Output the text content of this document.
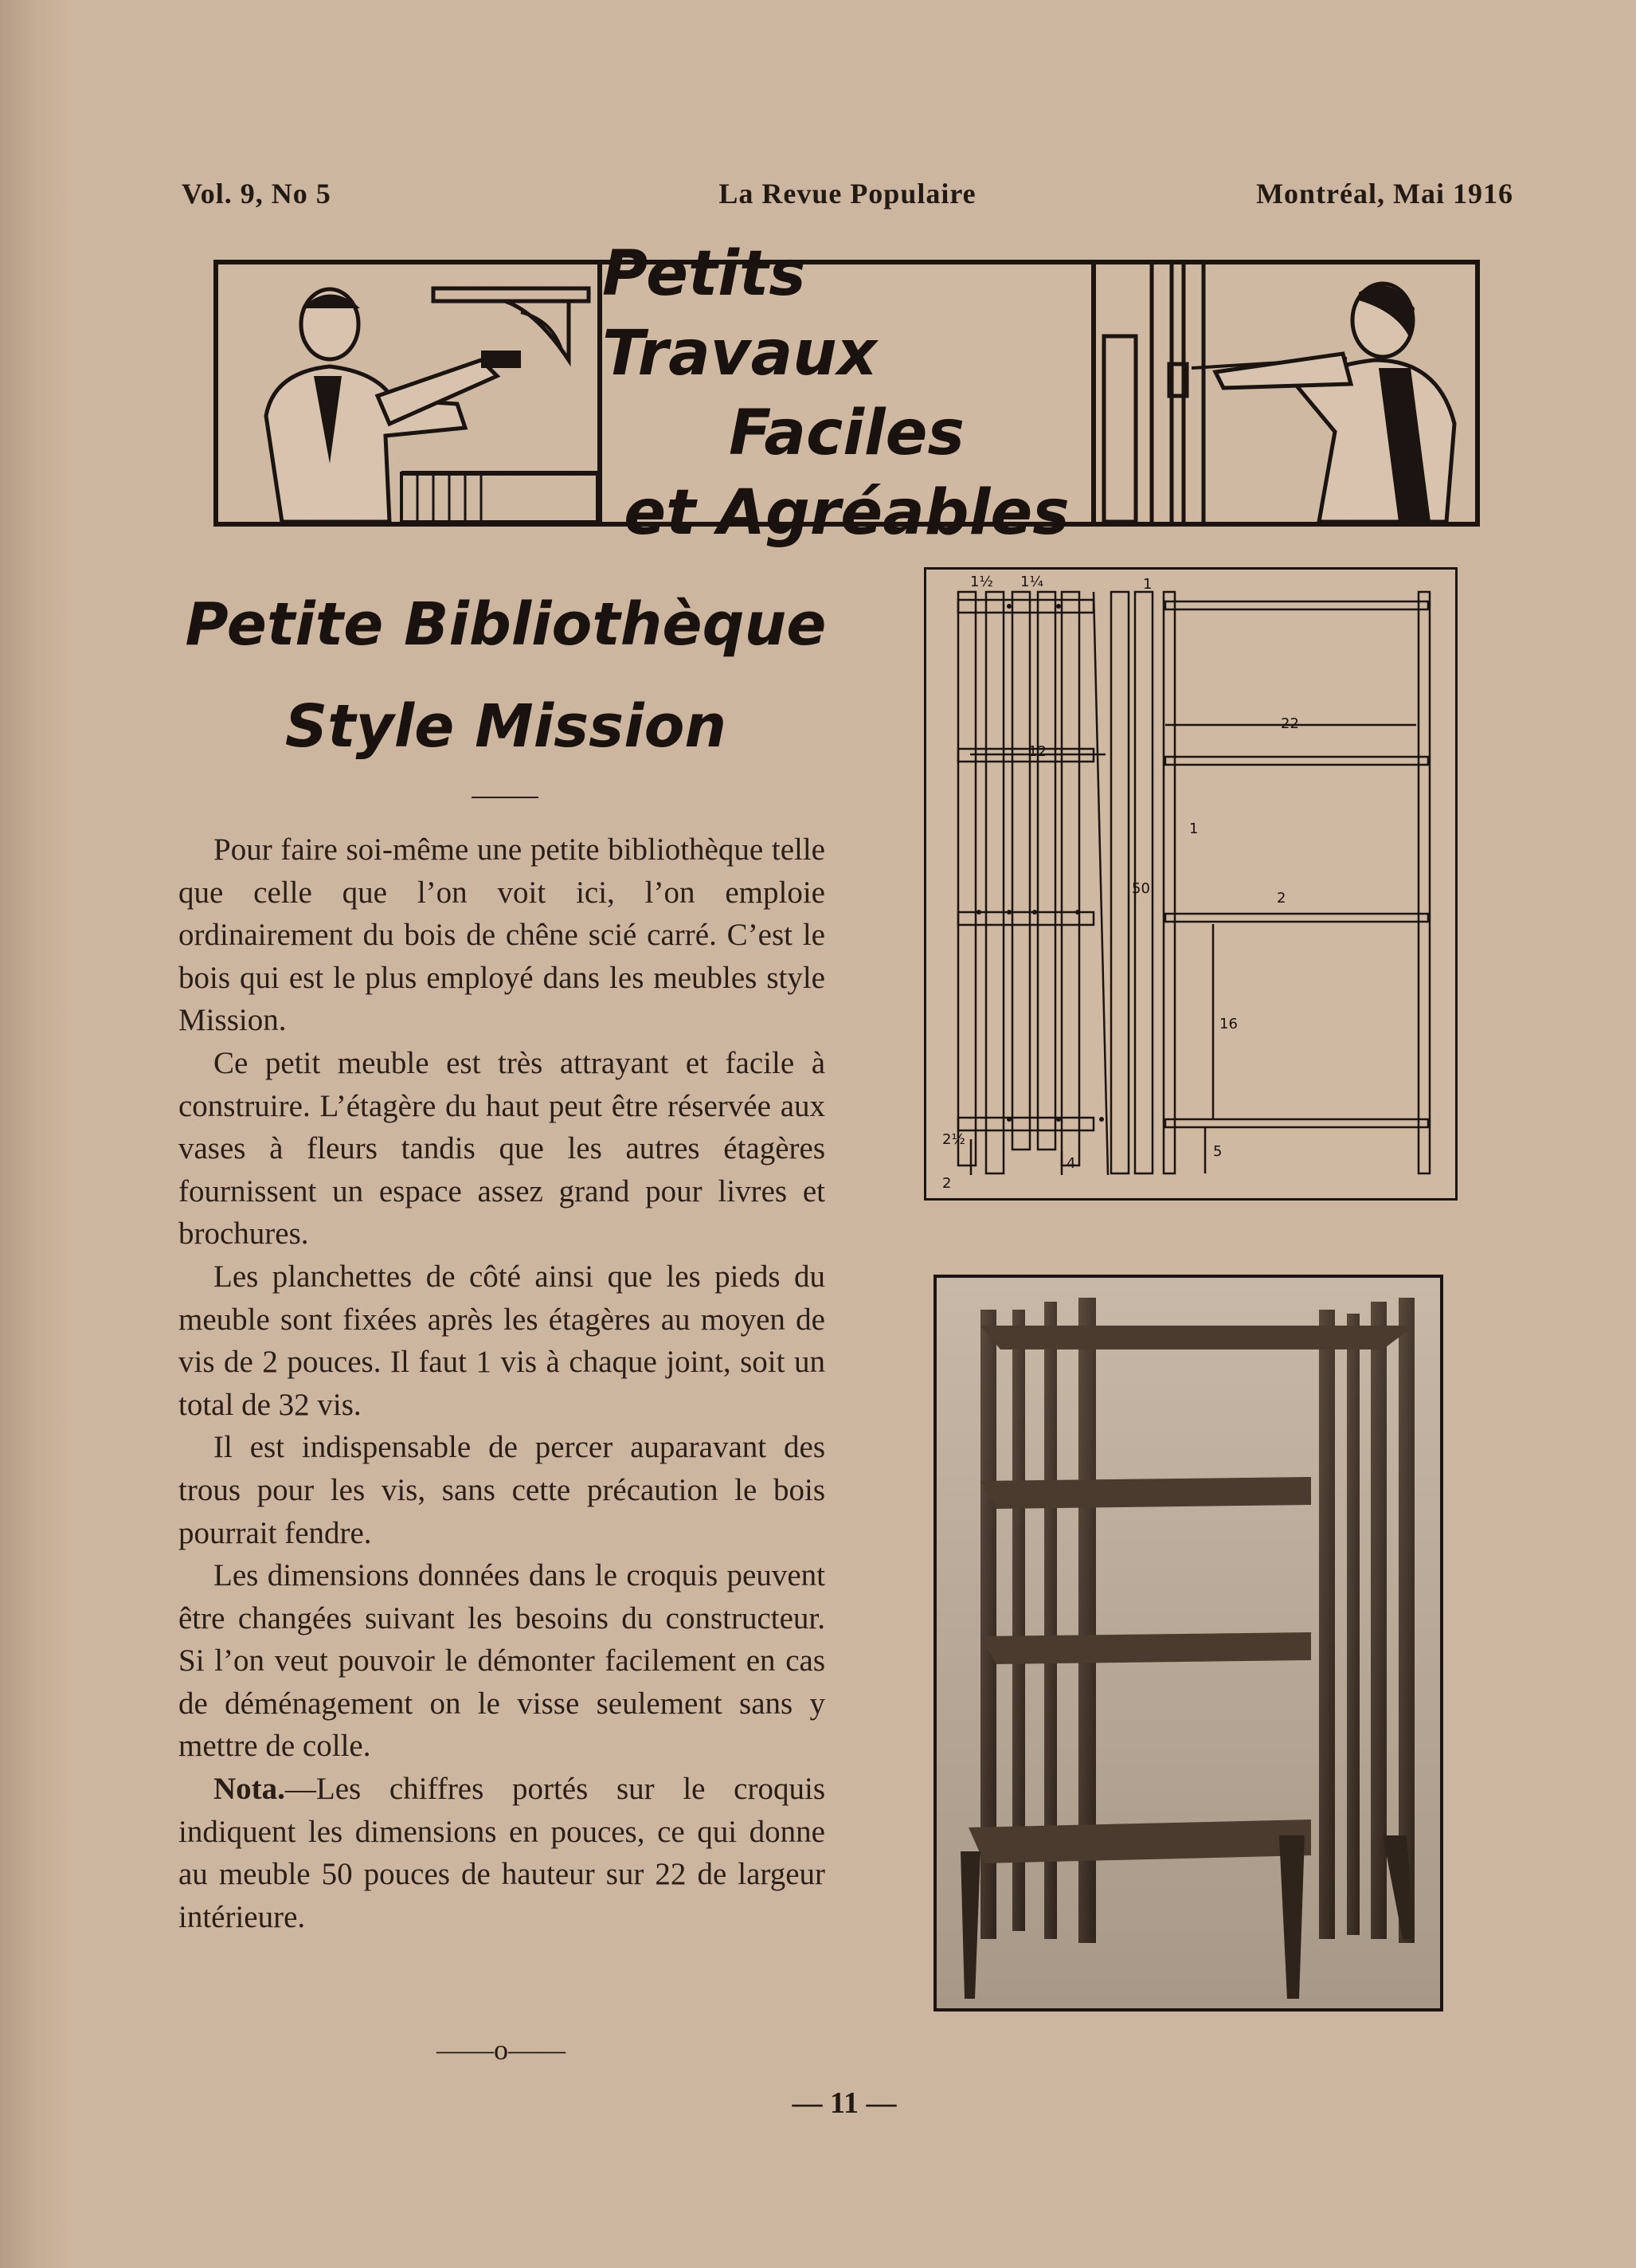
Vol. 9, No 5	La Revue Populaire	Montréal, Mai 1916
Petits Travaux
Faciles
et Agréables
Petite Bibliothèque
Style Mission

Pour faire soi-même une petite bibliothèque telle que celle que l’on voit ici, l’on emploie ordinairement du bois de chêne scié carré. C’est le bois qui est le plus employé dans les meubles style Mission.

Ce petit meuble est très attrayant et facile à construire. L’étagère du haut peut être réservée aux vases à fleurs tandis que les autres étagères fournissent un espace assez grand pour livres et brochures.

Les planchettes de côté ainsi que les pieds du meuble sont fixées après les étagères au moyen de vis de 2 pouces. Il faut 1 vis à chaque joint, soit un total de 32 vis.

Il est indispensable de percer auparavant des trous pour les vis, sans cette précaution le bois pourrait fendre.

Les dimensions données dans le croquis peuvent être changées suivant les besoins du constructeur. Si l’on veut pouvoir le démonter facilement en cas de déménagement on le visse seulement sans y mettre de colle.

Nota.—Les chiffres portés sur le croquis indiquent les dimensions en pouces, ce qui donne au meuble 50 pouces de hauteur sur 22 de largeur intérieure.

——o——
— 11 —
1½ 1¼	1
22
12
50
1
2
16
2½
4
5
2
